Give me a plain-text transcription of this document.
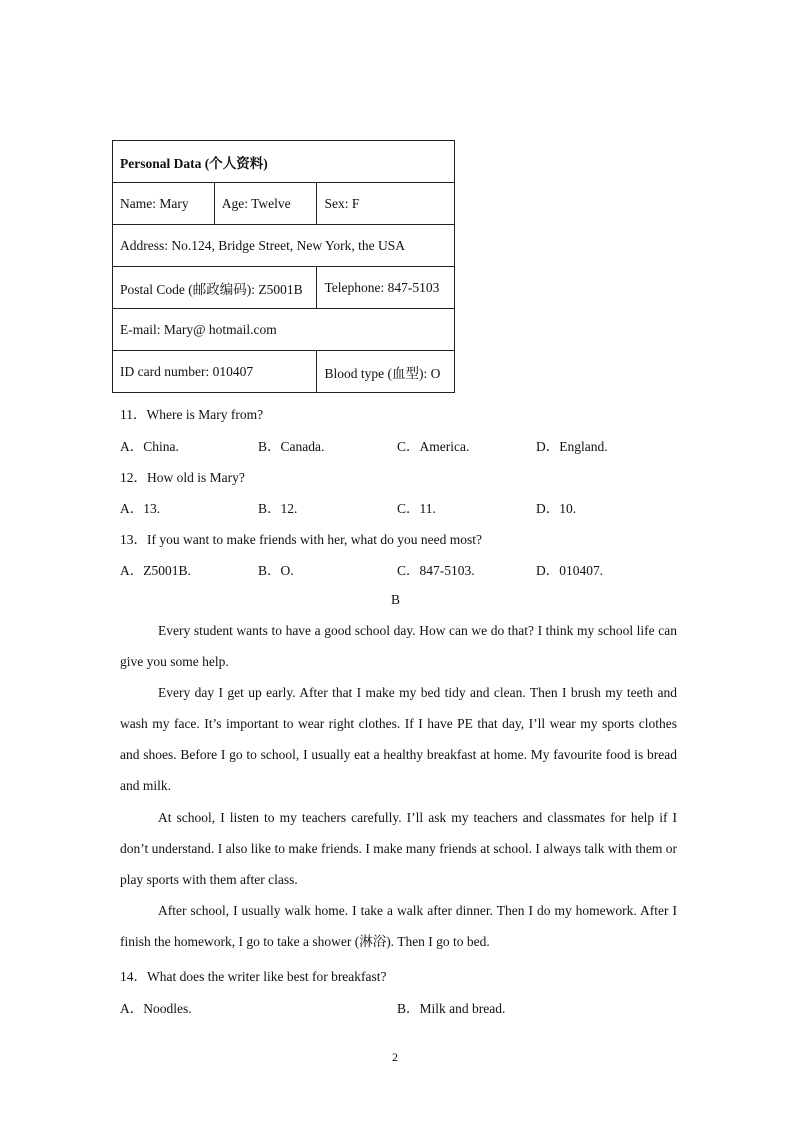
Personal Data (个人资料)		
Name: Mary	Age: Twelve	Sex: F
Address: No.124, Bridge Street, New York, the USA		
Postal Code (邮政编码): Z5001B		Telephone: 847-5103
E-mail: Mary@ hotmail.com		
ID card number: 010407		Blood type (血型): O
11．Where is Mary from?
A．China.	B．Canada.	C．America.	D．England.
12．How old is Mary?
A．13.	B．12.	C．11.	D．10.
13．If you want to make friends with her, what do you need most?
A．Z5001B.	B．O.	C．847-5103.	D．010407.
B

Every student wants to have a good school day. How can we do that? I think my school life can give you some help.

Every day I get up early. After that I make my bed tidy and clean. Then I brush my teeth and wash my face. It’s important to wear right clothes. If I have PE that day, I’ll wear my sports clothes and shoes. Before I go to school, I usually eat a healthy breakfast at home. My favourite food is bread and milk.

At school, I listen to my teachers carefully. I’ll ask my teachers and classmates for help if I don’t understand. I also like to make friends. I make many friends at school. I always talk with them or play sports with them after class.

After school, I usually walk home. I take a walk after dinner. Then I do my homework. After I finish the homework, I go to take a shower (淋浴). Then I go to bed.

14．What does the writer like best for breakfast?
A．Noodles.	B．Milk and bread.
2
